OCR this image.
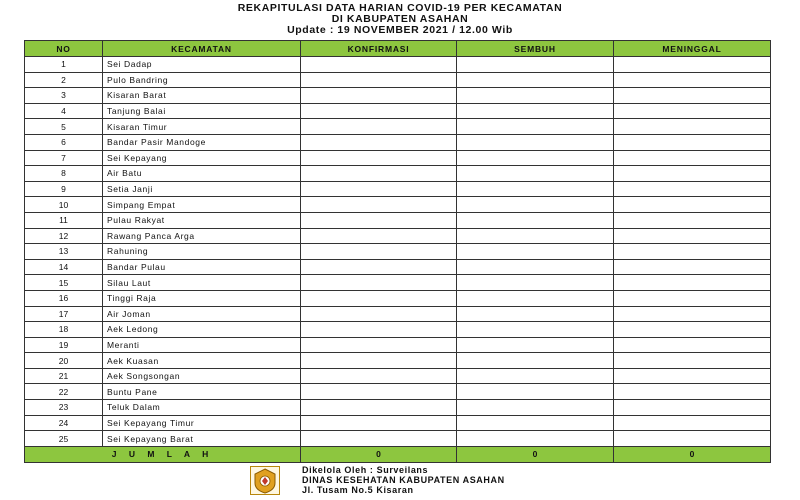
REKAPITULASI DATA HARIAN COVID-19 PER KECAMATAN
DI KABUPATEN ASAHAN
Update : 19 NOVEMBER 2021 / 12.00 Wib
NO	KECAMATAN	KONFIRMASI	SEMBUH	MENINGGAL
1	Sei Dadap			
2	Pulo Bandring			
3	Kisaran Barat			
4	Tanjung Balai			
5	Kisaran Timur			
6	Bandar Pasir Mandoge			
7	Sei Kepayang			
8	Air Batu			
9	Setia Janji			
10	Simpang Empat			
11	Pulau Rakyat			
12	Rawang Panca Arga			
13	Rahuning			
14	Bandar Pulau			
15	Silau Laut			
16	Tinggi Raja			
17	Air Joman			
18	Aek Ledong			
19	Meranti			
20	Aek Kuasan			
21	Aek Songsongan			
22	Buntu Pane			
23	Teluk Dalam			
24	Sei Kepayang Timur			
25	Sei Kepayang Barat			
J U M L A H		0	0	0
Dikelola Oleh : Surveilans
DINAS KESEHATAN KABUPATEN ASAHAN
Jl. Tusam No.5 Kisaran
